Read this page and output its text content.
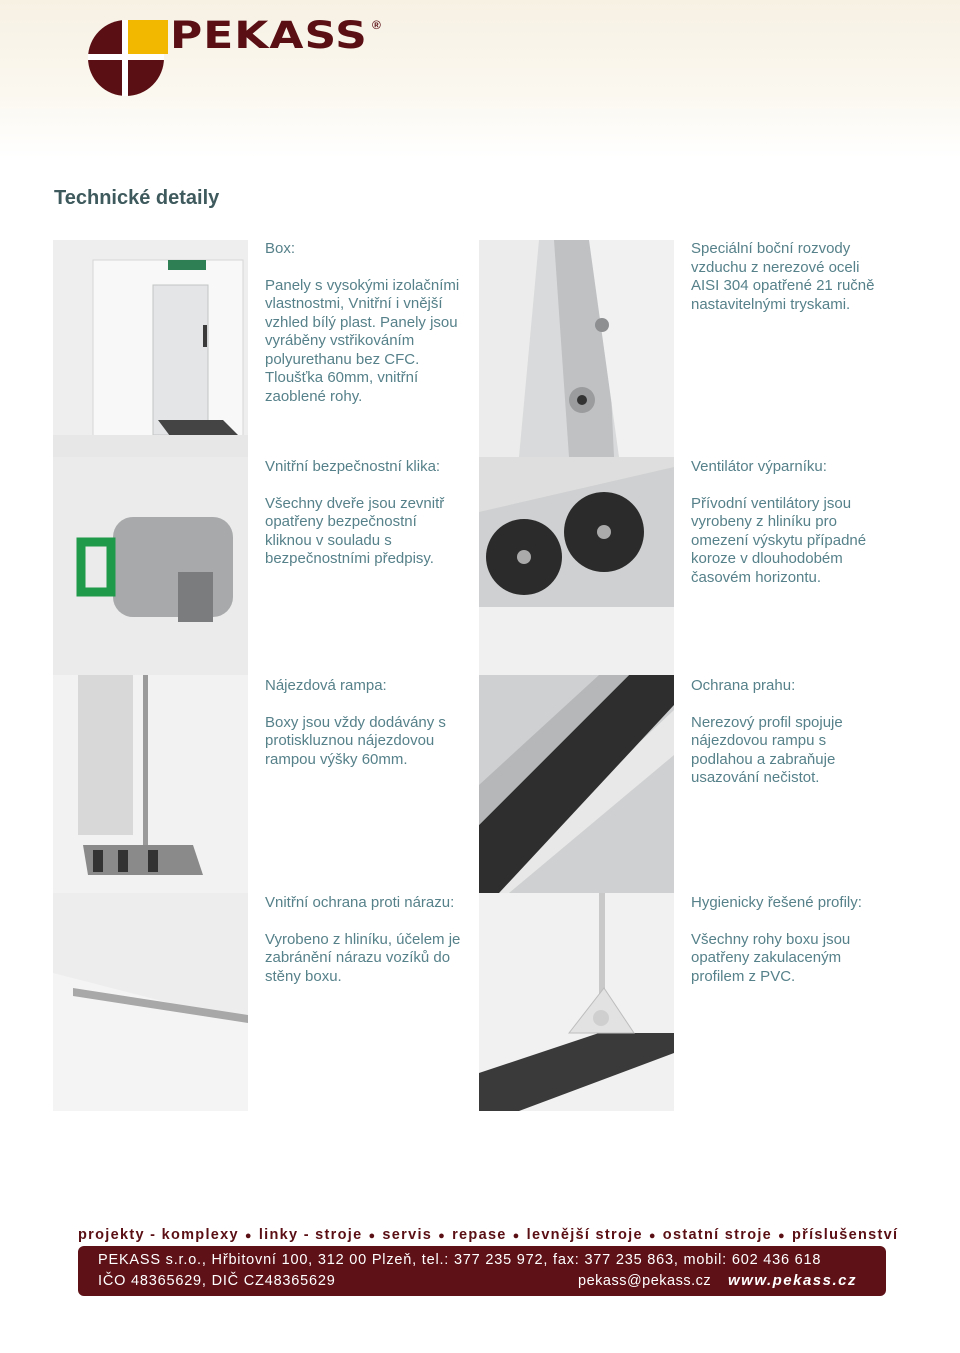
PEKASS ®
Technické detaily

Box:

Panely s vysokými izolačními vlastnostmi, Vnitřní i vnější vzhled bílý plast. Panely jsou vyráběny vstřikováním polyurethanu bez CFC. Tloušťka 60mm, vnitřní zaoblené rohy.

Speciální boční rozvody vzduchu z nerezové oceli AISI 304 opatřené 21 ručně nastavitelnými tryskami.

Vnitřní bezpečnostní klika:

Všechny dveře jsou zevnitř opatřeny bezpečnostní kliknou v souladu s bezpečnostními předpisy.

Ventilátor výparníku:

Přívodní ventilátory jsou vyrobeny z hliníku pro omezení výskytu případné koroze v dlouhodobém časovém horizontu.

Nájezdová rampa:

Boxy jsou vždy dodávány s protiskluznou nájezdovou rampou výšky 60mm.

Ochrana prahu:

Nerezový profil spojuje nájezdovou rampu s podlahou a zabraňuje usazování nečistot.

Vnitřní ochrana proti nárazu:

Vyrobeno z hliníku, účelem je zabránění nárazu vozíků do stěny boxu.

Hygienicky řešené profily:

Všechny rohy boxu jsou opatřeny zakulaceným profilem z PVC.

projekty - komplexy ● linky - stroje ● servis ● repase ● levnější stroje ● ostatní stroje ● příslušenství
PEKASS s.r.o., Hřbitovní 100, 312 00 Plzeň, tel.: 377 235 972, fax: 377 235 863, mobil: 602 436 618
IČO 48365629, DIČ CZ48365629	pekass@pekass.cz www.pekass.cz
